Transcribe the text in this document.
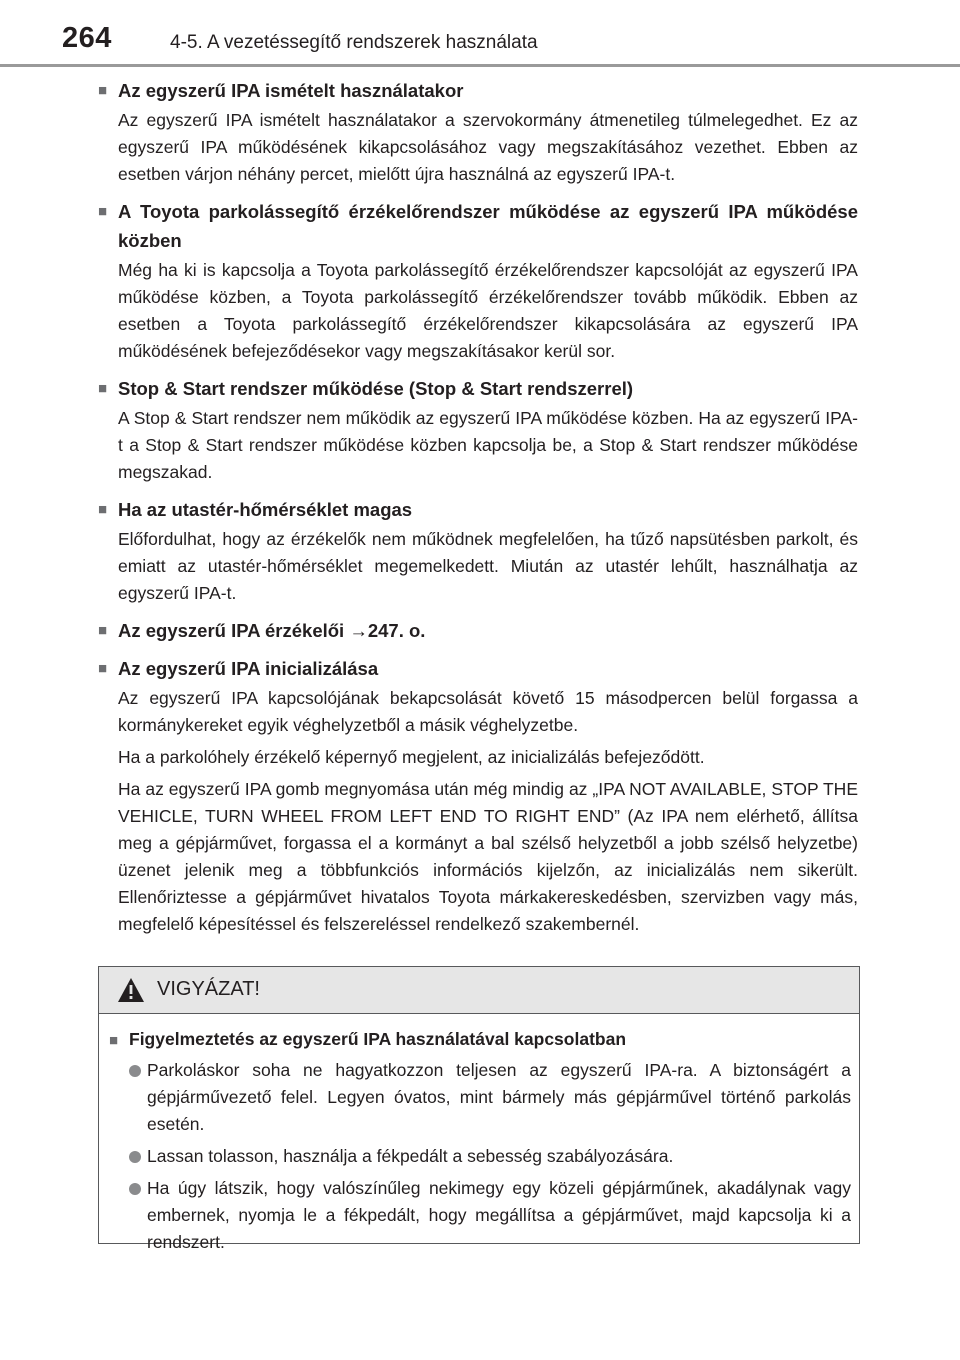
264	4-5. A vezetéssegítő rendszerek használata
■ Az egyszerű IPA ismételt használatakor

Az egyszerű IPA ismételt használatakor a szervokormány átmenetileg túlmelegedhet. Ez az egyszerű IPA működésének kikapcsolásához vagy megszakításához vezethet. Ebben az esetben várjon néhány percet, mielőtt újra használná az egyszerű IPA-t.

■ A Toyota parkolássegítő érzékelőrendszer működése az egyszerű IPA működése közben

Még ha ki is kapcsolja a Toyota parkolássegítő érzékelőrendszer kapcsolóját az egyszerű IPA működése közben, a Toyota parkolássegítő érzékelőrendszer tovább működik. Ebben az esetben a Toyota parkolássegítő érzékelőrendszer kikapcsolására az egyszerű IPA működésének befejeződésekor vagy megszakításakor kerül sor.

■ Stop & Start rendszer működése (Stop & Start rendszerrel)

A Stop & Start rendszer nem működik az egyszerű IPA működése közben. Ha az egyszerű IPA-t a Stop & Start rendszer működése közben kapcsolja be, a Stop & Start rendszer működése megszakad.

■ Ha az utastér-hőmérséklet magas

Előfordulhat, hogy az érzékelők nem működnek megfelelően, ha tűző napsütésben parkolt, és emiatt az utastér-hőmérséklet megemelkedett. Miután az utastér lehűlt, használhatja az egyszerű IPA-t.

■ Az egyszerű IPA érzékelői →247. o.
■ Az egyszerű IPA inicializálása

Az egyszerű IPA kapcsolójának bekapcsolását követő 15 másodpercen belül forgassa a kormánykereket egyik véghelyzetből a másik véghelyzetbe.

Ha a parkolóhely érzékelő képernyő megjelent, az inicializálás befejeződött.

Ha az egyszerű IPA gomb megnyomása után még mindig az „IPA NOT AVAILABLE, STOP THE VEHICLE, TURN WHEEL FROM LEFT END TO RIGHT END” (Az IPA nem elérhető, állítsa meg a gépjárművet, forgassa el a kormányt a bal szélső helyzetből a jobb szélső helyzetbe) üzenet jelenik meg a többfunkciós információs kijelzőn, az inicializálás nem sikerült. Ellenőriztesse a gépjárművet hivatalos Toyota márkakereskedésben, szervizben vagy más, megfelelő képesítéssel és felszereléssel rendelkező szakembernél.

VIGYÁZAT!
■ Figyelmeztetés az egyszerű IPA használatával kapcsolatban
Parkoláskor soha ne hagyatkozzon teljesen az egyszerű IPA-ra. A biztonságért a gépjárművezető felel. Legyen óvatos, mint bármely más gépjárművel történő parkolás esetén.
Lassan tolasson, használja a fékpedált a sebesség szabályozására.
Ha úgy látszik, hogy valószínűleg nekimegy egy közeli gépjárműnek, akadálynak vagy embernek, nyomja le a fékpedált, hogy megállítsa a gépjárművet, majd kapcsolja ki a rendszert.
